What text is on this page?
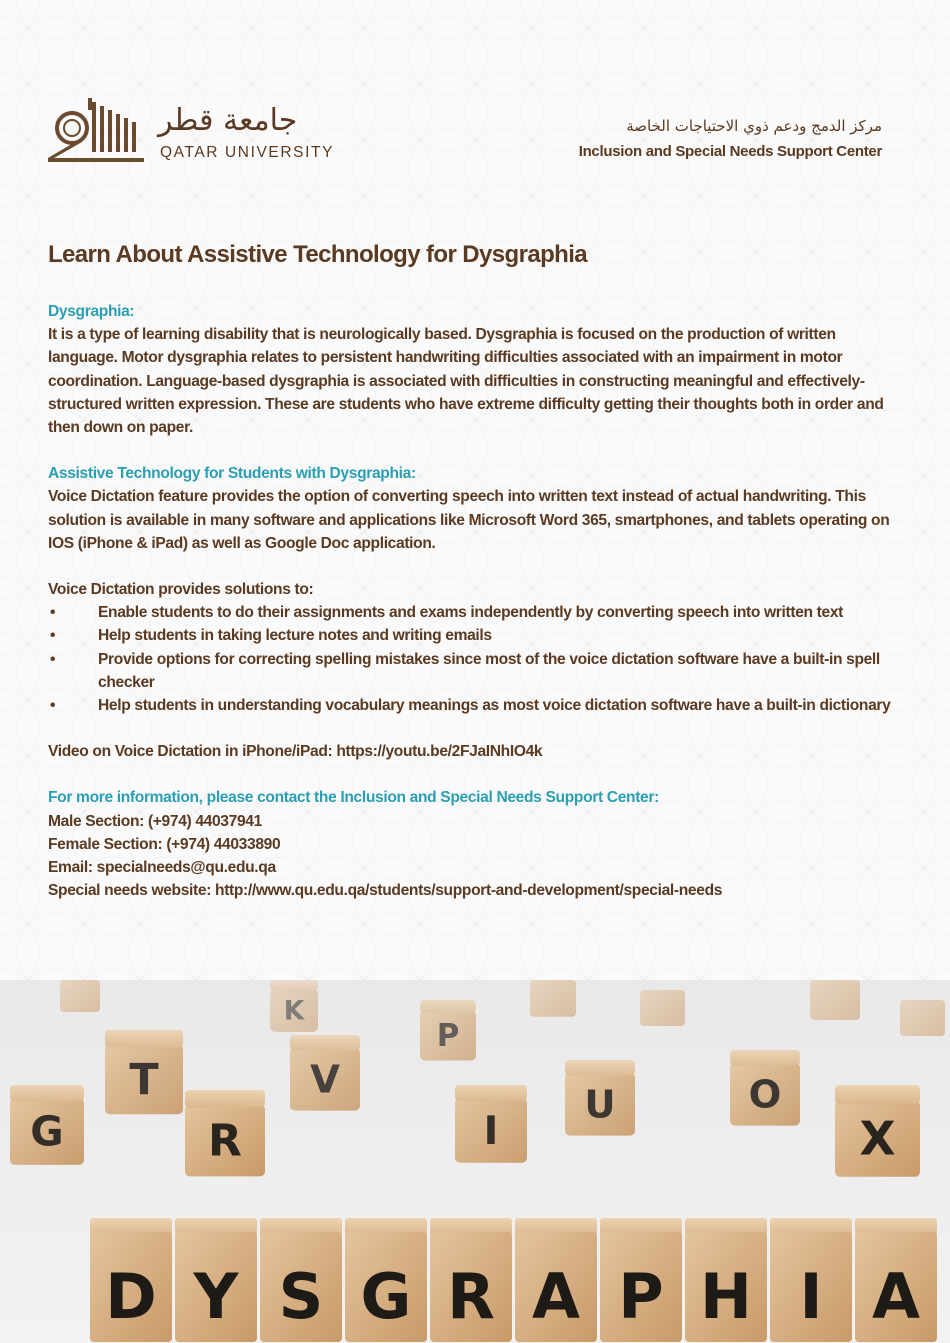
جامعة قطر
QATAR UNIVERSITY
مركز الدمج ودعم ذوي الاحتياجات الخاصة
Inclusion and Special Needs Support Center
Learn About Assistive Technology for Dysgraphia

Dysgraphia:

It is a type of learning disability that is neurologically based. Dysgraphia is focused on the production of written language. Motor dysgraphia relates to persistent handwriting difficulties associated with an impairment in motor coordination. Language-based dysgraphia is associated with difficulties in constructing meaningful and effectively-structured written expression. These are students who have extreme difficulty getting their thoughts both in order and then down on paper.

Assistive Technology for Students with Dysgraphia:

Voice Dictation feature provides the option of converting speech into written text instead of actual handwriting. This solution is available in many software and applications like Microsoft Word 365, smartphones, and tablets operating on IOS (iPhone & iPad) as well as Google Doc application.

Voice Dictation provides solutions to:

•	Enable students to do their assignments and exams independently by converting speech into written text
•	Help students in taking lecture notes and writing emails
•	Provide options for correcting spelling mistakes since most of the voice dictation software have a built-in spell checker
•	Help students in understanding vocabulary meanings as most voice dictation software have a built-in dictionary

Video on Voice Dictation in iPhone/iPad: https://youtu.be/2FJaINhIO4k

For more information, please contact the Inclusion and Special Needs Support Center:

Male Section: (+974) 44037941

Female Section: (+974) 44033890

Email: specialneeds@qu.edu.qa

Special needs website: http://www.qu.edu.qa/students/support-and-development/special-needs

K
T	V
P
U	O
G	R	I	X
D Y S G R A P H I A
